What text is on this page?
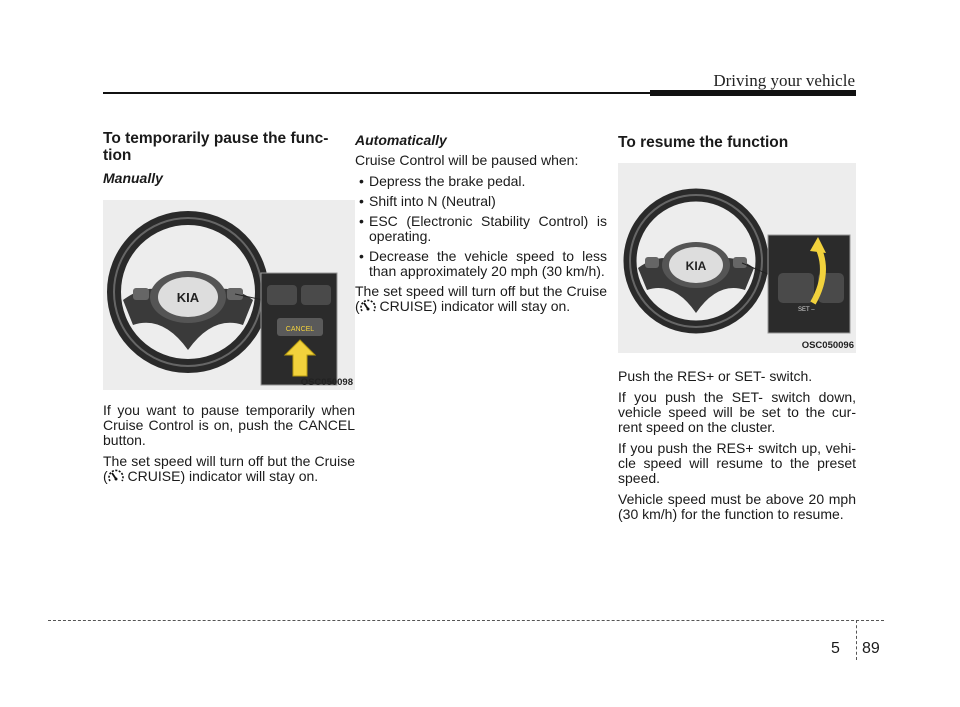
Driving your vehicle
To temporarily pause the func-tion
Manually
KIA
CANCEL
OSC050098

If you want to pause temporarily when Cruise Control is on, push the CANCEL button.

The set speed will turn off but the Cruise ( CRUISE) indicator will stay on.

Automatically

Cruise Control will be paused when:

• Depress the brake pedal.
• Shift into N (Neutral)
• ESC (Electronic Stability Control) is operating.
• Decrease the vehicle speed to less than approximately 20 mph (30 km/h).

The set speed will turn off but the Cruise ( CRUISE) indicator will stay on.

To resume the function
KIA
SET –
OSC050096

Push the RES+ or SET- switch.

If you push the SET- switch down, vehicle speed will be set to the cur-rent speed on the cluster.

If you push the RES+ switch up, vehi-cle speed will resume to the preset speed.

Vehicle speed must be above 20 mph (30 km/h) for the function to resume.

5 89
